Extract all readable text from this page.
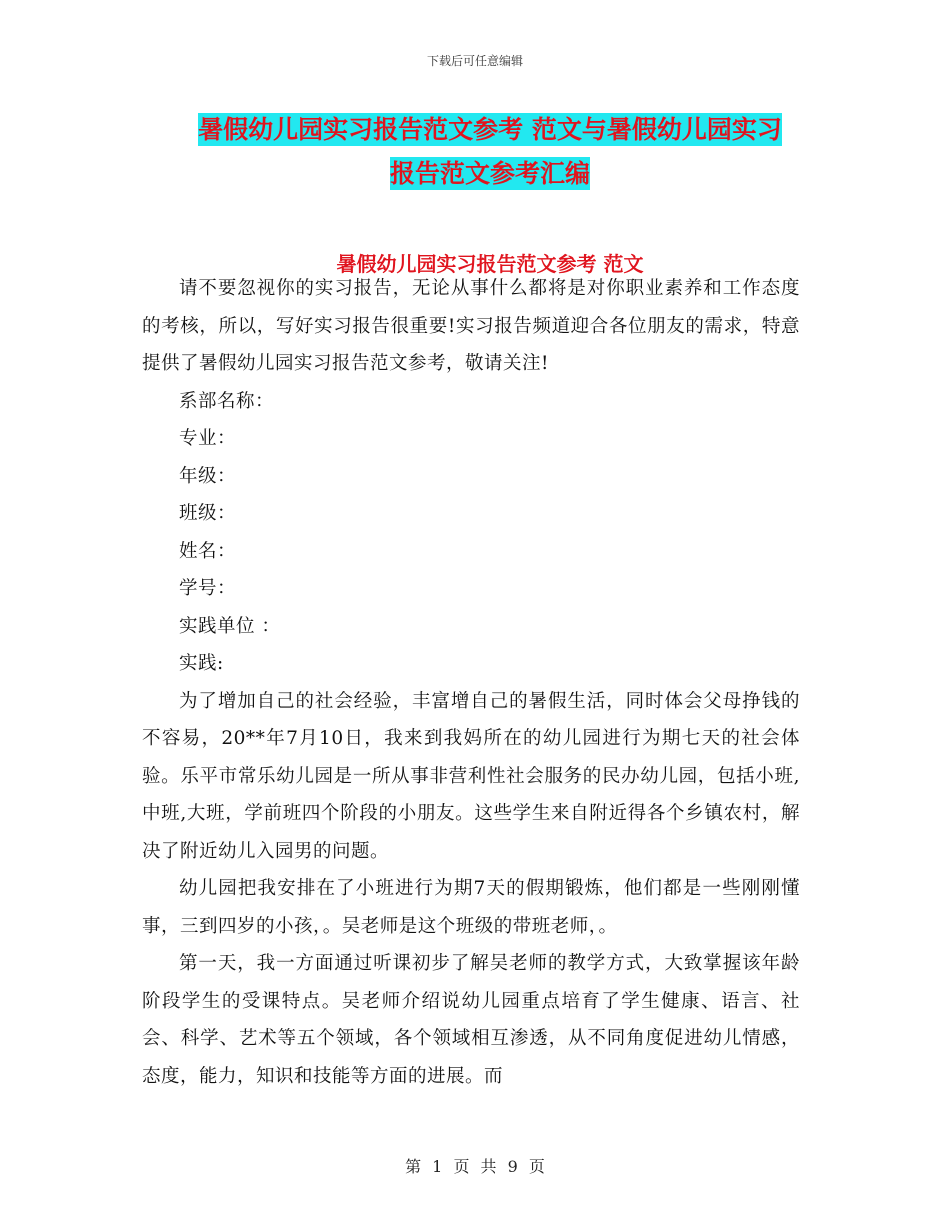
下载后可任意编辑
暑假幼儿园实习报告范文参考 范文与暑假幼儿园实习
报告范文参考汇编
暑假幼儿园实习报告范文参考 范文

请不要忽视你的实习报告，无论从事什么都将是对你职业素养和工作态度的考核，所以，写好实习报告很重要!实习报告频道迎合各位朋友的需求，特意提供了暑假幼儿园实习报告范文参考，敬请关注!

系部名称：

专业：

年级：

班级：

姓名：

学号：

实践单位 ：

实践:

为了增加自己的社会经验，丰富增自己的暑假生活，同时体会父母挣钱的不容易，20**年7月10日，我来到我妈所在的幼儿园进行为期七天的社会体验。乐平市常乐幼儿园是一所从事非营利性社会服务的民办幼儿园，包括小班,中班,大班，学前班四个阶段的小朋友。这些学生来自附近得各个乡镇农村，解决了附近幼儿入园男的问题。

幼儿园把我安排在了小班进行为期7天的假期锻炼，他们都是一些刚刚懂事，三到四岁的小孩，。吴老师是这个班级的带班老师，。

第一天，我一方面通过听课初步了解吴老师的教学方式，大致掌握该年龄阶段学生的受课特点。吴老师介绍说幼儿园重点培育了学生健康、语言、社会、科学、艺术等五个领域，各个领域相互渗透，从不同角度促进幼儿情感，态度，能力，知识和技能等方面的进展。而

第 1 页 共 9 页
